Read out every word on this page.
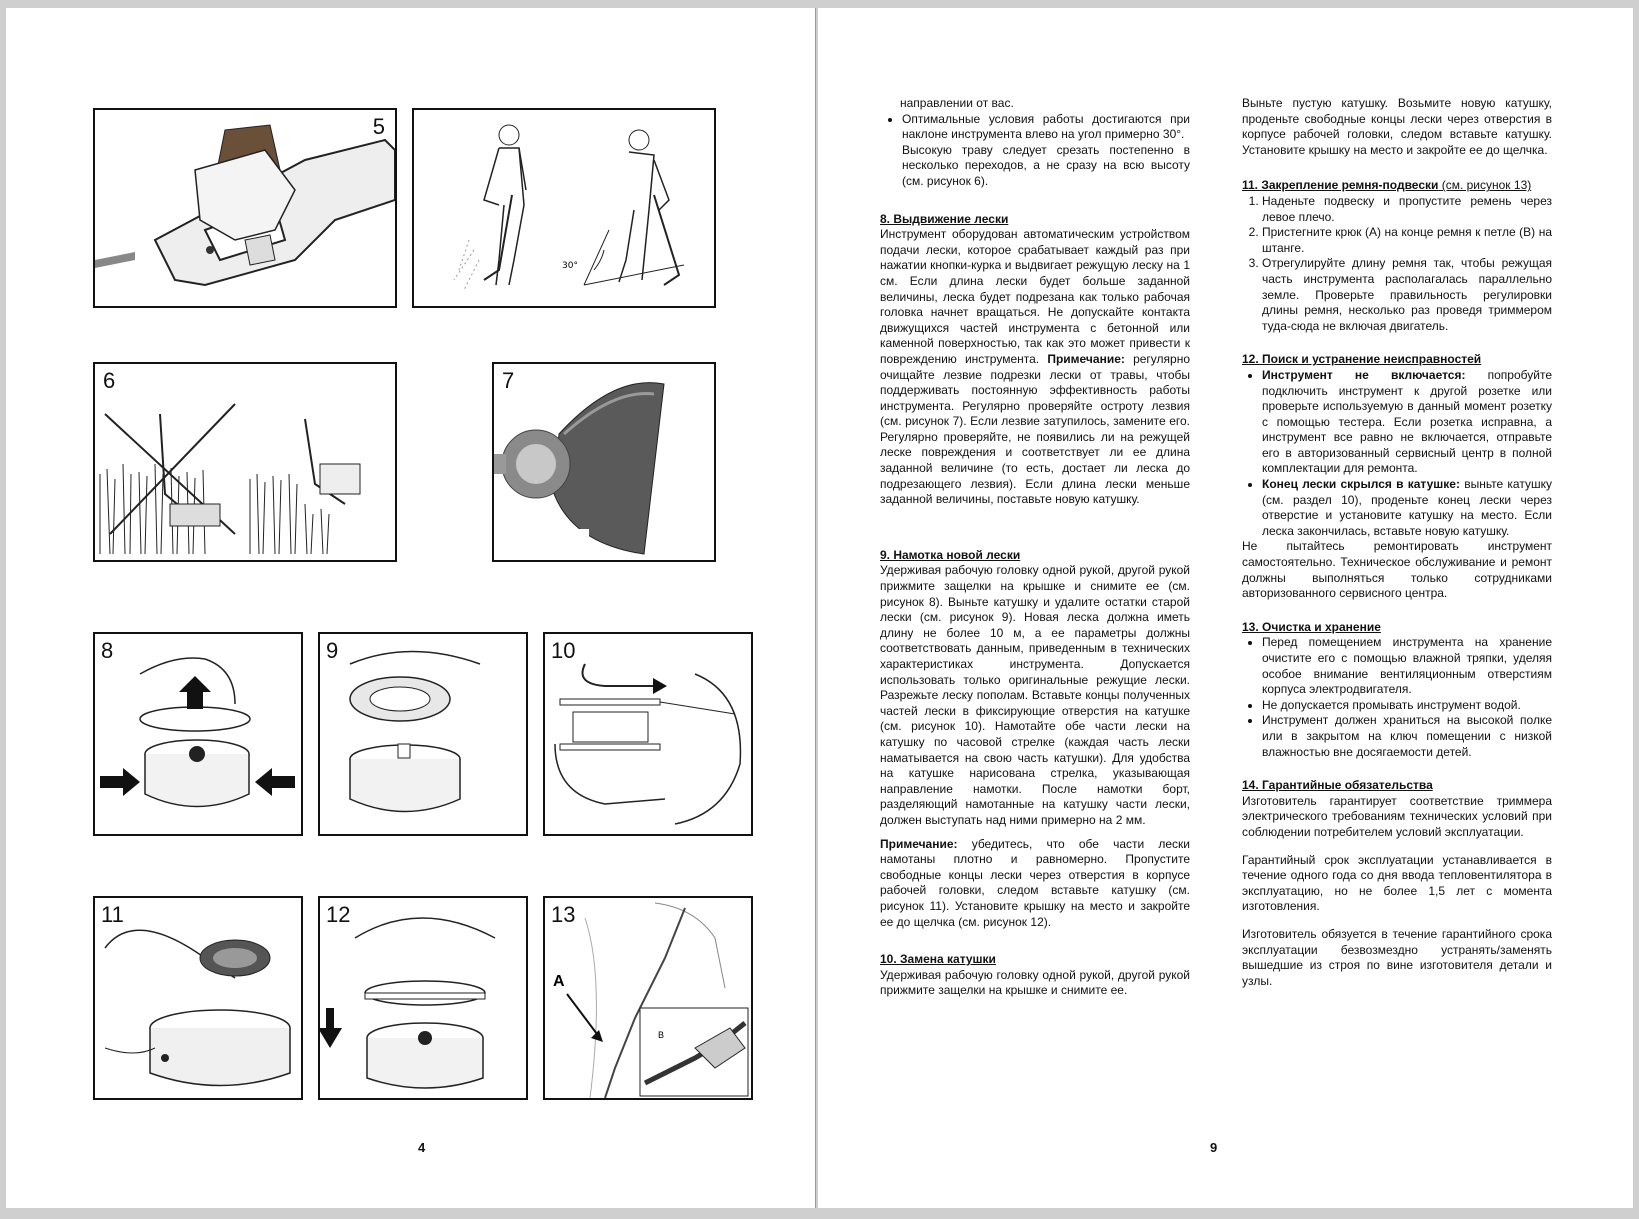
5
30°
6	7
8	9	10
11	12	13
A
B
4

направлении от вас.

• Оптимальные условия работы достигаются при наклоне инструмента влево на угол примерно 30°.

Высокую траву следует срезать постепенно в несколько переходов, а не сразу на всю высоту (см. рисунок 6).

8. Выдвижение лески

Инструмент оборудован автоматическим устройством подачи лески, которое срабатывает каждый раз при нажатии кнопки-курка и выдвигает режущую леску на 1 см. Если длина лески будет больше заданной величины, леска будет подрезана как только рабочая головка начнет вращаться. Не допускайте контакта движущихся частей инструмента с бетонной или каменной поверхностью, так как это может привести к повреждению инструмента. Примечание: регулярно очищайте лезвие подрезки лески от травы, чтобы поддерживать постоянную эффективность работы инструмента. Регулярно проверяйте остроту лезвия (см. рисунок 7). Если лезвие затупилось, замените его. Регулярно проверяйте, не появились ли на режущей леске повреждения и соответствует ли ее длина заданной величине (то есть, достает ли леска до подрезающего лезвия). Если длина лески меньше заданной величины, поставьте новую катушку.

9. Намотка новой лески

Удерживая рабочую головку одной рукой, другой рукой прижмите защелки на крышке и снимите ее (см. рисунок 8). Выньте катушку и удалите остатки старой лески (см. рисунок 9). Новая леска должна иметь длину не более 10 м, а ее параметры должны соответствовать данным, приведенным в технических характеристиках инструмента. Допускается использовать только оригинальные режущие лески. Разрежьте леску пополам. Вставьте концы полученных частей лески в фиксирующие отверстия на катушке (см. рисунок 10). Намотайте обе части лески на катушку по часовой стрелке (каждая часть лески наматывается на свою часть катушки). Для удобства на катушке нарисована стрелка, указывающая направление намотки. После намотки борт, разделяющий намотанные на катушку части лески, должен выступать над ними примерно на 2 мм.

Примечание: убедитесь, что обе части лески намотаны плотно и равномерно. Пропустите свободные концы лески через отверстия в корпусе рабочей головки, следом вставьте катушку (см. рисунок 11). Установите крышку на место и закройте ее до щелчка (см. рисунок 12).

10. Замена катушки

Удерживая рабочую головку одной рукой, другой рукой прижмите защелки на крышке и снимите ее.

Выньте пустую катушку. Возьмите новую катушку, проденьте свободные концы лески через отверстия в корпусе рабочей головки, следом вставьте катушку. Установите крышку на место и закройте ее до щелчка.

11. Закрепление ремня-подвески (см. рисунок 13)

1. Наденьте подвеску и пропустите ремень через левое плечо.
2. Пристегните крюк (А) на конце ремня к петле (В) на штанге.
3. Отрегулируйте длину ремня так, чтобы режущая часть инструмента располагалась параллельно земле. Проверьте правильность регулировки длины ремня, несколько раз проведя триммером туда-сюда не включая двигатель.

12. Поиск и устранение неисправностей

• Инструмент не включается: попробуйте подключить инструмент к другой розетке или проверьте используемую в данный момент розетку с помощью тестера. Если розетка исправна, а инструмент все равно не включается, отправьте его в авторизованный сервисный центр в полной комплектации для ремонта.
• Конец лески скрылся в катушке: выньте катушку (см. раздел 10), проденьте конец лески через отверстие и установите катушку на место. Если леска закончилась, вставьте новую катушку.

Не пытайтесь ремонтировать инструмент самостоятельно. Техническое обслуживание и ремонт должны выполняться только сотрудниками авторизованного сервисного центра.

13. Очистка и хранение

• Перед помещением инструмента на хранение очистите его с помощью влажной тряпки, уделяя особое внимание вентиляционным отверстиям корпуса электродвигателя.
• Не допускается промывать инструмент водой.
• Инструмент должен храниться на высокой полке или в закрытом на ключ помещении с низкой влажностью вне досягаемости детей.

14. Гарантийные обязательства

Изготовитель гарантирует соответствие триммера электрического требованиям технических условий при соблюдении потребителем условий эксплуатации.

Гарантийный срок эксплуатации устанавливается в течение одного года со дня ввода тепловентилятора в эксплуатацию, но не более 1,5 лет с момента изготовления.

Изготовитель обязуется в течение гарантийного срока эксплуатации безвозмездно устранять/заменять вышедшие из строя по вине изготовителя детали и узлы.

9
